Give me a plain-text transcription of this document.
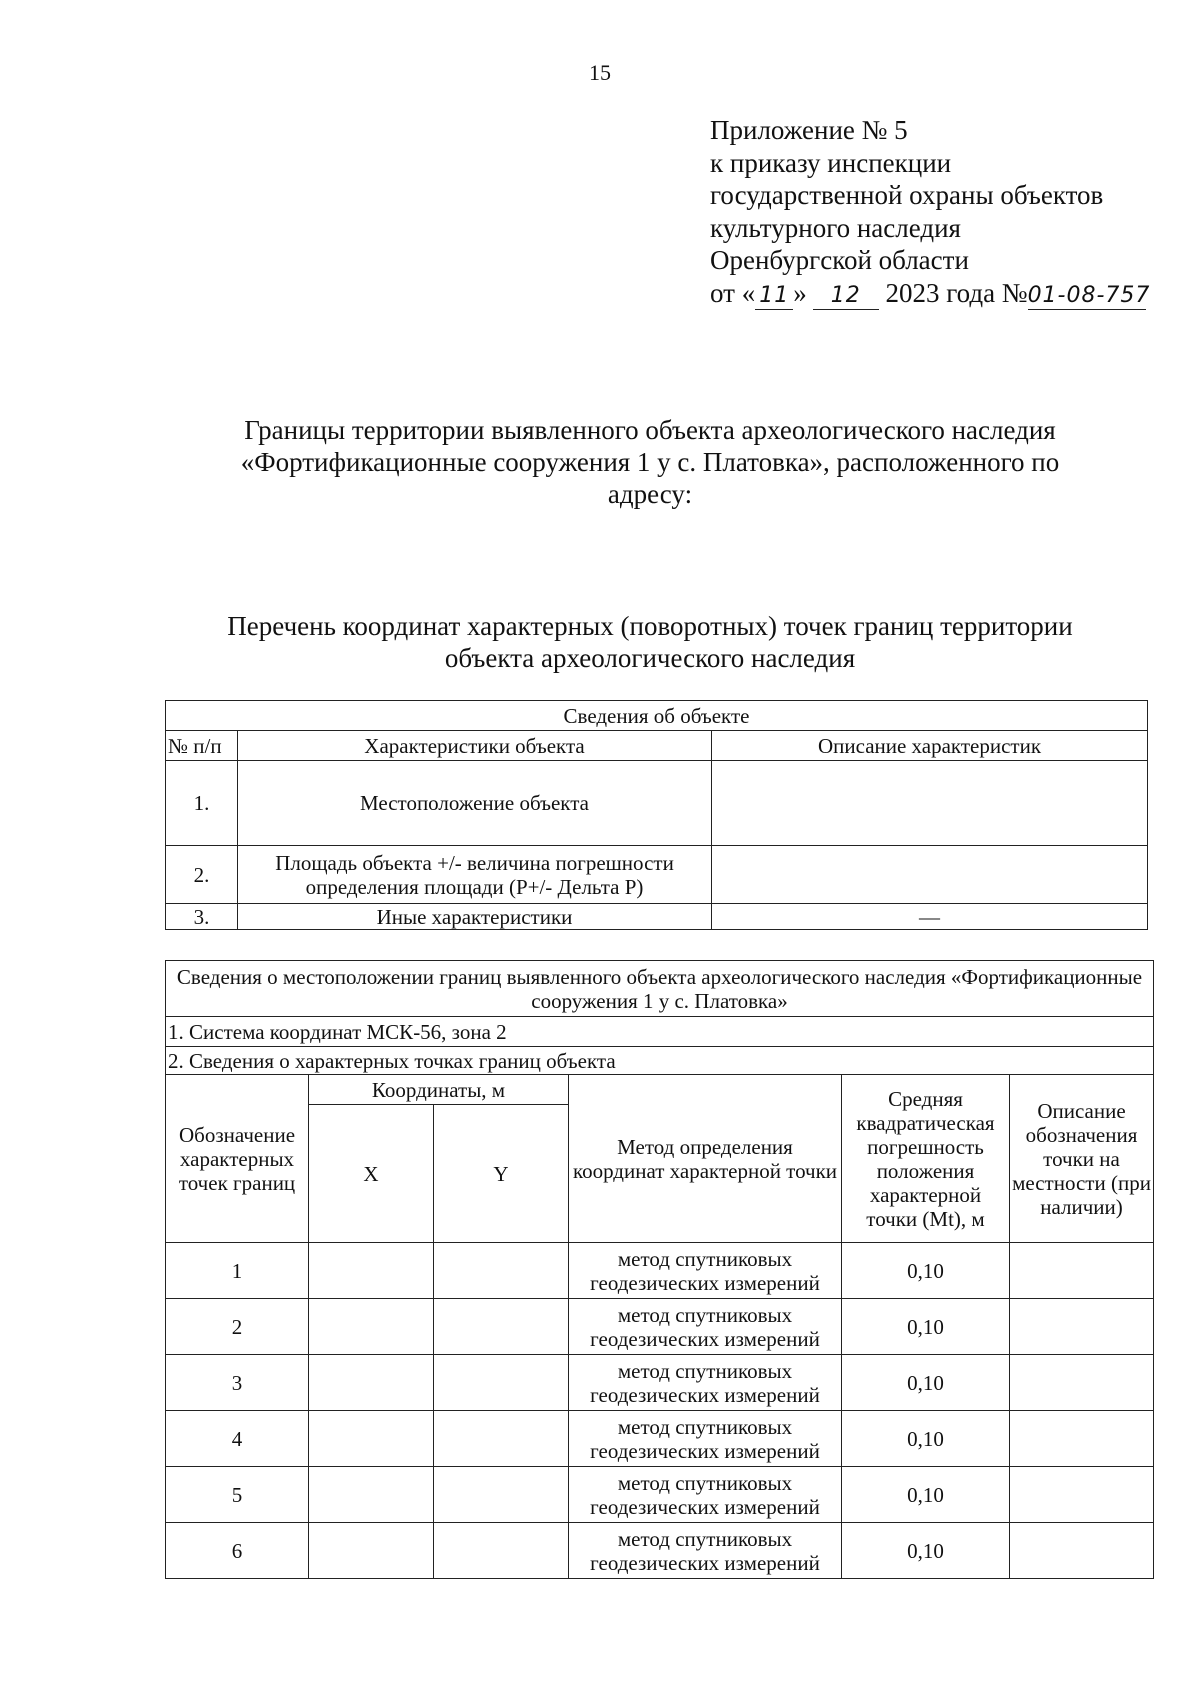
15
Приложение № 5
к приказу инспекции
государственной охраны объектов
культурного наследия
Оренбургской области
от « 11 » 12 2023 года №01-08-757
Границы территории выявленного объекта археологического наследия
«Фортификационные сооружения 1 у с. Платовка», расположенного по
адресу:
Перечень координат характерных (поворотных) точек границ территории
объекта археологического наследия
Сведения об объекте		
№ п/п	Характеристики объекта	Описание характеристик
1.	Местоположение объекта	
2.	Площадь объекта +/- величина погрешности определения площади (Р+/- Дельта Р)	
3.	Иные характеристики	—
Сведения о местоположении границ выявленного объекта археологического наследия «Фортификационные сооружения 1 у с. Платовка»					
1. Система координат МСК-56, зона 2					
2. Сведения о характерных точках границ объекта					
Обозначение характерных точек границ	Координаты, м		Метод определения координат характерной точки	Средняя квадратическая погрешность положения характерной точки (Mt), м	Описание обозначения точки на местности (при наличии)
	X	Y			
1			метод спутниковых геодезических измерений	0,10	
2			метод спутниковых геодезических измерений	0,10	
3			метод спутниковых геодезических измерений	0,10	
4			метод спутниковых геодезических измерений	0,10	
5			метод спутниковых геодезических измерений	0,10	
6			метод спутниковых геодезических измерений	0,10	
